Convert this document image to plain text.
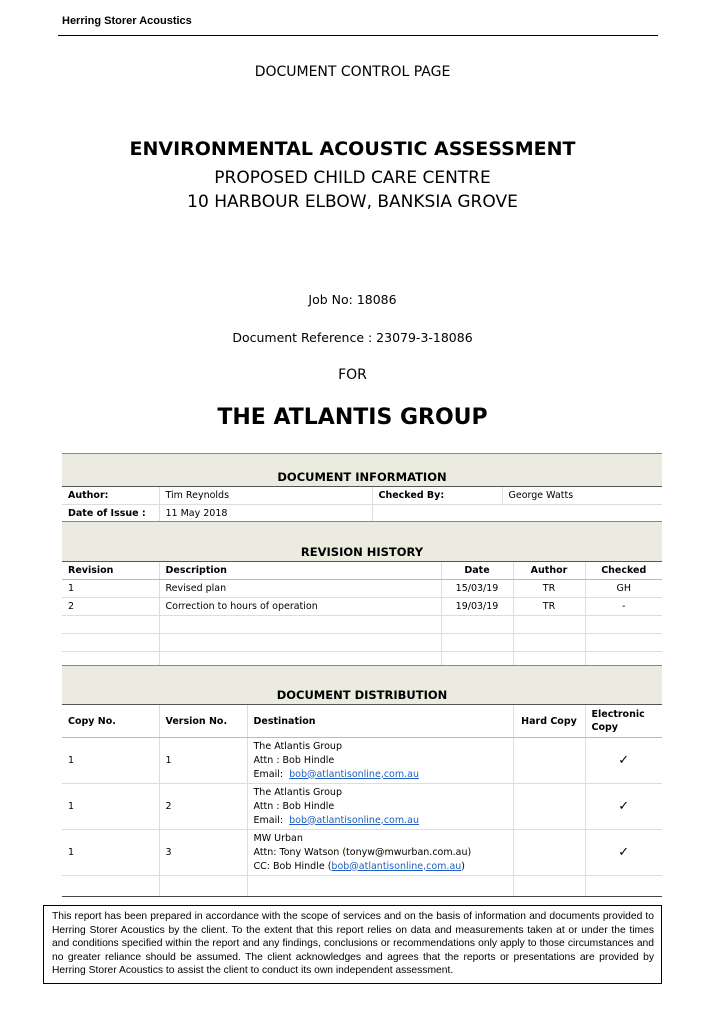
Herring Storer Acoustics
DOCUMENT CONTROL PAGE
ENVIRONMENTAL ACOUSTIC ASSESSMENT
PROPOSED CHILD CARE CENTRE
10 HARBOUR ELBOW, BANKSIA GROVE
Job No: 18086
Document Reference : 23079-3-18086
FOR
THE ATLANTIS GROUP
DOCUMENT INFORMATION			
Author:	Tim Reynolds	Checked By:	George Watts
Date of Issue :	11 May 2018		
REVISION HISTORY				
Revision	Description	Date	Author	Checked
1	Revised plan	15/03/19	TR	GH
2	Correction to hours of operation	19/03/19	TR	-

DOCUMENT DISTRIBUTION				
Copy No.	Version No.	Destination	Hard Copy	Electronic Copy
1	1	The Atlantis Group
Attn : Bob Hindle
Email:  bob@atlantisonline,com.au		✓
1	2	The Atlantis Group
Attn : Bob Hindle
Email:  bob@atlantisonline,com.au		✓
1	3	MW Urban
Attn: Tony Watson (tonyw@mwurban.com.au)
CC: Bob Hindle (bob@atlantisonline,com.au)		✓

This report has been prepared in accordance with the scope of services and on the basis of information and documents provided to Herring Storer Acoustics by the client. To the extent that this report relies on data and measurements taken at or under the times and conditions specified within the report and any findings, conclusions or recommendations only apply to those circumstances and no greater reliance should be assumed. The client acknowledges and agrees that the reports or presentations are provided by Herring Storer Acoustics to assist the client to conduct its own independent assessment.
